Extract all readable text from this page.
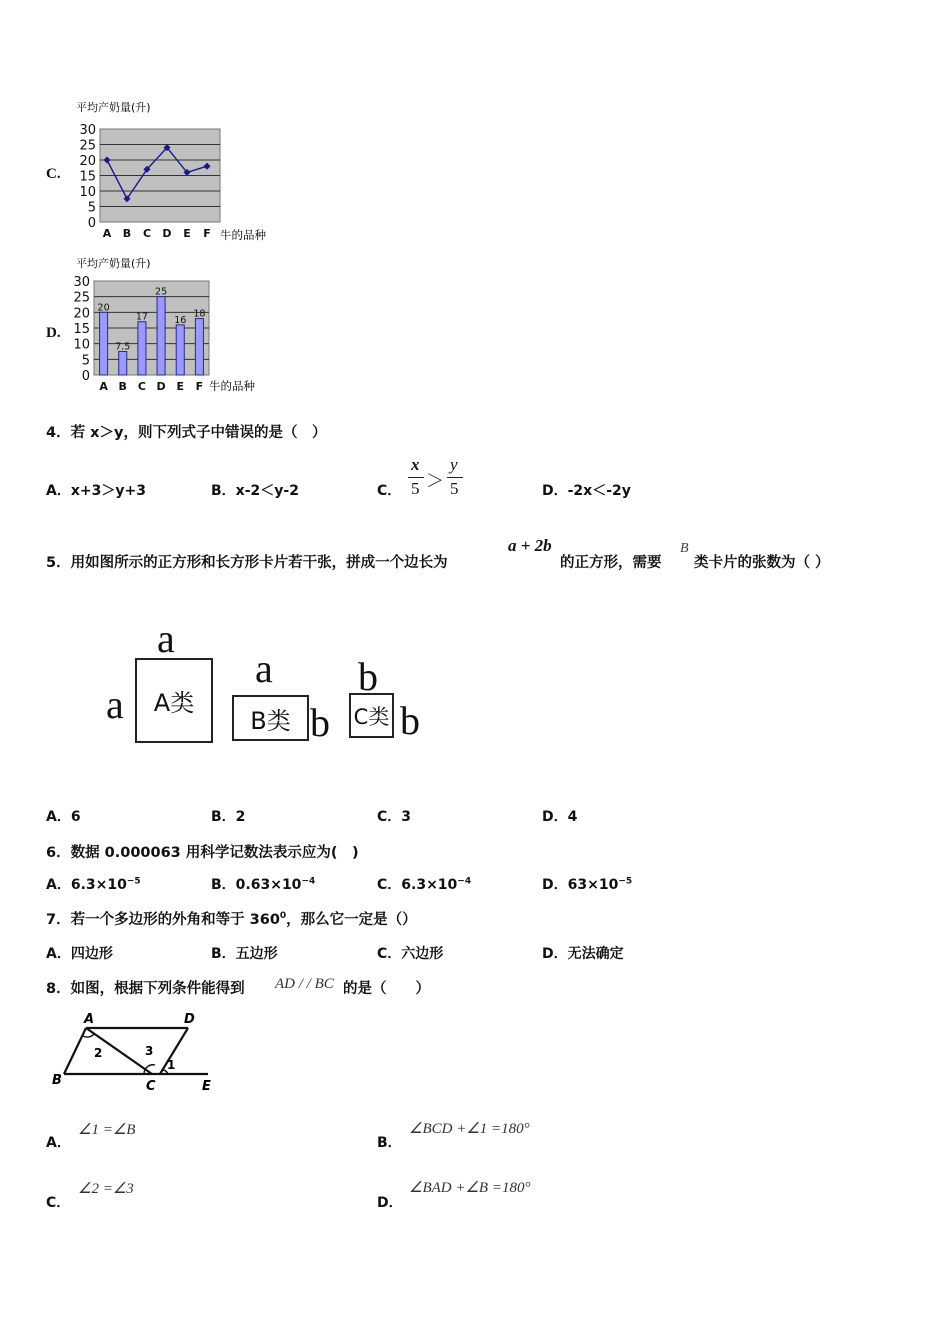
C.
平均产奶量(升)
30
25
20
15
10
5
0
A B C D E F 牛的品种
D.
平均产奶量(升)
30
25
20
15
10
5
0
20
7.5
17
25
16
18
A B C D E F 牛的品种
4．若 x＞y，则下列式子中错误的是（　）
A．x+3＞y+3	B．x-2＜y-2	C．
x
5 ＞
y
5	D．-2x＜-2y
5．用如图所示的正方形和长方形卡片若干张，拼成一个边长为
a + 2b
的正方形，需要
B
类卡片的张数为（ ）
a
a	A类
a
B类 b
b
C类 b
A．6	B．2	C．3	D．4
6．数据 0.000063 用科学记数法表示应为(　)
A．$6.3\times 10^{-5}$	B．$0.63\times 10^{-4}$	C．$6.3\times 10^{-4}$	D．$63\times 10^{-5}$
7．若一个多边形的外角和等于 $360^0$，那么它一定是（）
A．四边形	B．五边形	C．六边形	D．无法确定
8．如图，根据下列条件能得到 AD / / BC 的是（　　）
A	D
B	C	E
2	3
1
A．
∠1 =∠B
B．
∠BCD +∠1 =180°
C．
∠2 =∠3
D．
∠BAD +∠B =180°
